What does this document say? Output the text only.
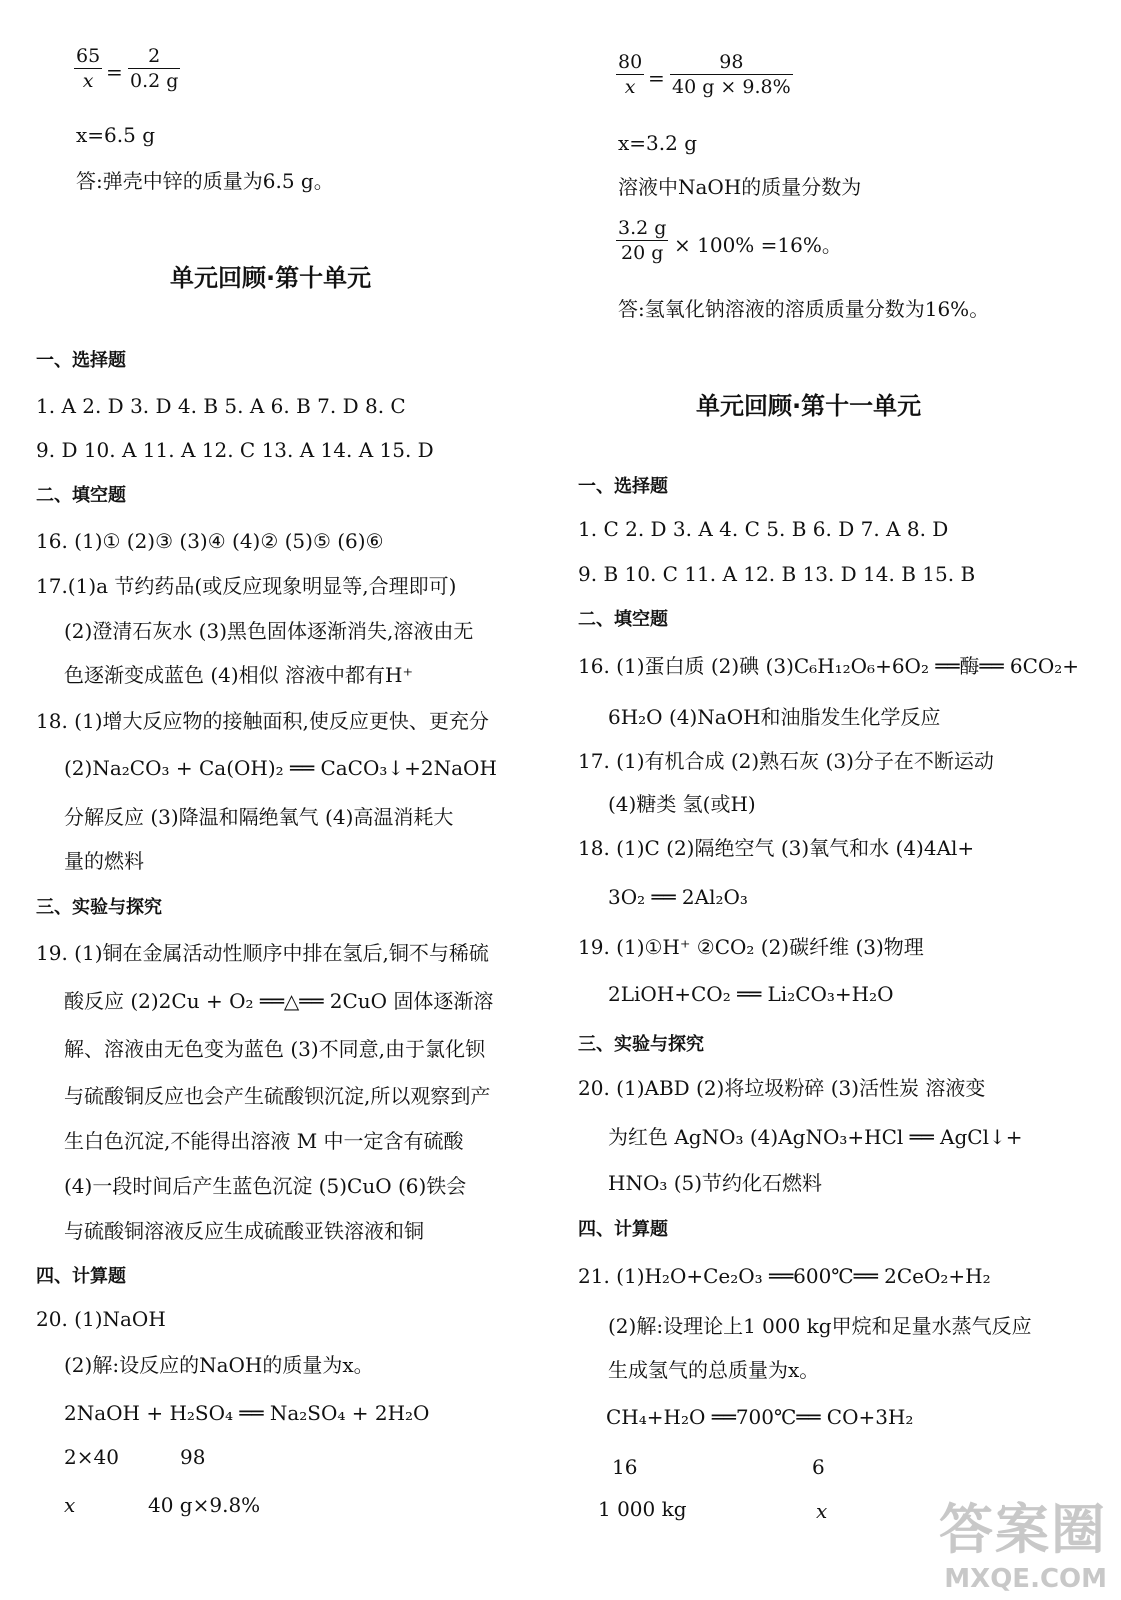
65
x =
2
0.2 g
x=6.5 g
答:弹壳中锌的质量为6.5 g。
单元回顾·第十单元
一、选择题
1. A 2. D 3. D 4. B 5. A 6. B 7. D 8. C
9. D 10. A 11. A 12. C 13. A 14. A 15. D
二、填空题
16. (1)① (2)③ (3)④ (4)② (5)⑤ (6)⑥
17.(1)a 节约药品(或反应现象明显等,合理即可)
(2)澄清石灰水 (3)黑色固体逐渐消失,溶液由无
色逐渐变成蓝色 (4)相似 溶液中都有H⁺
18. (1)增大反应物的接触面积,使反应更快、更充分
(2)Na₂CO₃ + Ca(OH)₂ ══ CaCO₃↓+2NaOH
分解反应 (3)降温和隔绝氧气 (4)高温消耗大
量的燃料
三、实验与探究
19. (1)铜在金属活动性顺序中排在氢后,铜不与稀硫
酸反应 (2)2Cu + O₂ ══△══ 2CuO 固体逐渐溶
解、溶液由无色变为蓝色 (3)不同意,由于氯化钡
与硫酸铜反应也会产生硫酸钡沉淀,所以观察到产
生白色沉淀,不能得出溶液 M 中一定含有硫酸
(4)一段时间后产生蓝色沉淀 (5)CuO (6)铁会
与硫酸铜溶液反应生成硫酸亚铁溶液和铜
四、计算题
20. (1)NaOH
(2)解:设反应的NaOH的质量为x。
2NaOH + H₂SO₄ ══ Na₂SO₄ + 2H₂O
2×40	98
x	40 g×9.8%
80
x =
98
40 g × 9.8%
x=3.2 g
溶液中NaOH的质量分数为
3.2 g
20 g × 100% =16%。
答:氢氧化钠溶液的溶质质量分数为16%。
单元回顾·第十一单元
一、选择题
1. C 2. D 3. A 4. C 5. B 6. D 7. A 8. D
9. B 10. C 11. A 12. B 13. D 14. B 15. B
二、填空题
16. (1)蛋白质 (2)碘 (3)C₆H₁₂O₆+6O₂ ══酶══ 6CO₂+
6H₂O (4)NaOH和油脂发生化学反应
17. (1)有机合成 (2)熟石灰 (3)分子在不断运动
(4)糖类 氢(或H)
18. (1)C (2)隔绝空气 (3)氧气和水 (4)4Al+
3O₂ ══ 2Al₂O₃
19. (1)①H⁺ ②CO₂ (2)碳纤维 (3)物理
2LiOH+CO₂ ══ Li₂CO₃+H₂O
三、实验与探究
20. (1)ABD (2)将垃圾粉碎 (3)活性炭 溶液变
为红色 AgNO₃ (4)AgNO₃+HCl ══ AgCl↓+
HNO₃ (5)节约化石燃料
四、计算题
21. (1)H₂O+Ce₂O₃ ══600℃══ 2CeO₂+H₂
(2)解:设理论上1 000 kg甲烷和足量水蒸气反应
生成氢气的总质量为x。
CH₄+H₂O ══700℃══ CO+3H₂
16	6
1 000 kg	x 答案圈
MXQE.COM
